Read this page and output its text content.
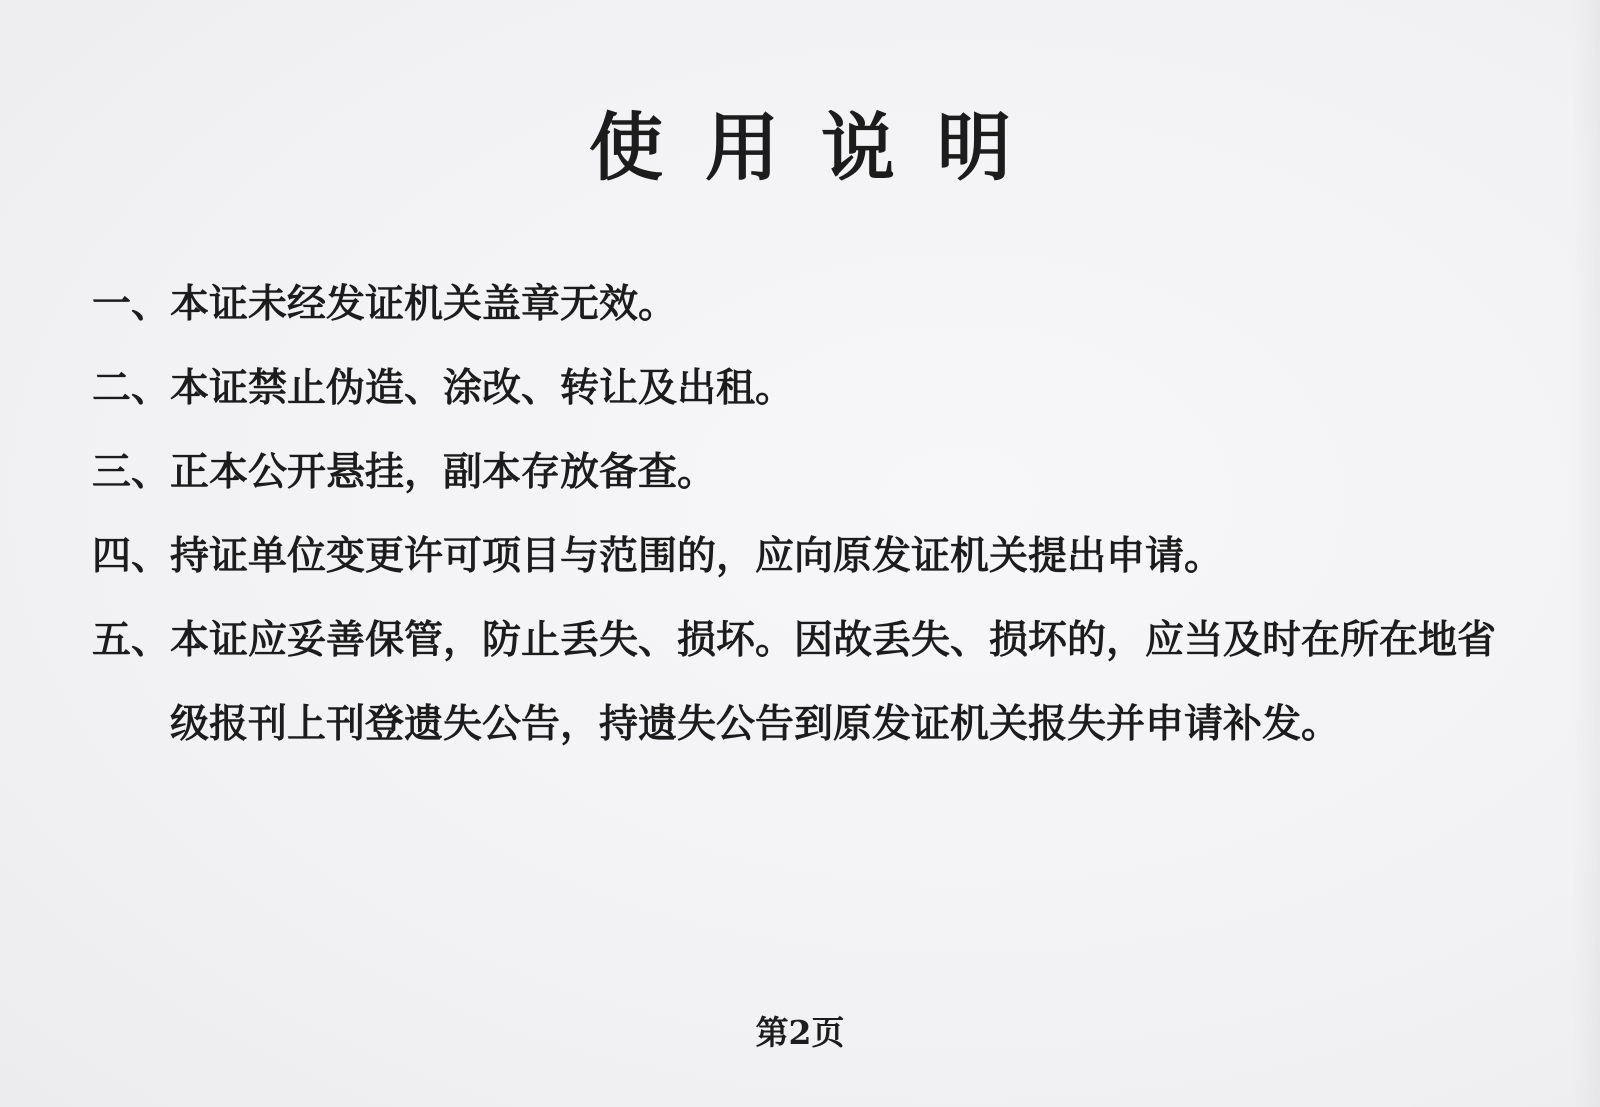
使用说明
一、本证未经发证机关盖章无效。
二、本证禁止伪造、涂改、转让及出租。
三、正本公开悬挂，副本存放备查。
四、持证单位变更许可项目与范围的，应向原发证机关提出申请。
五、本证应妥善保管，防止丢失、损坏。因故丢失、损坏的，应当及时在所在地省
级报刊上刊登遗失公告，持遗失公告到原发证机关报失并申请补发。
第2页
